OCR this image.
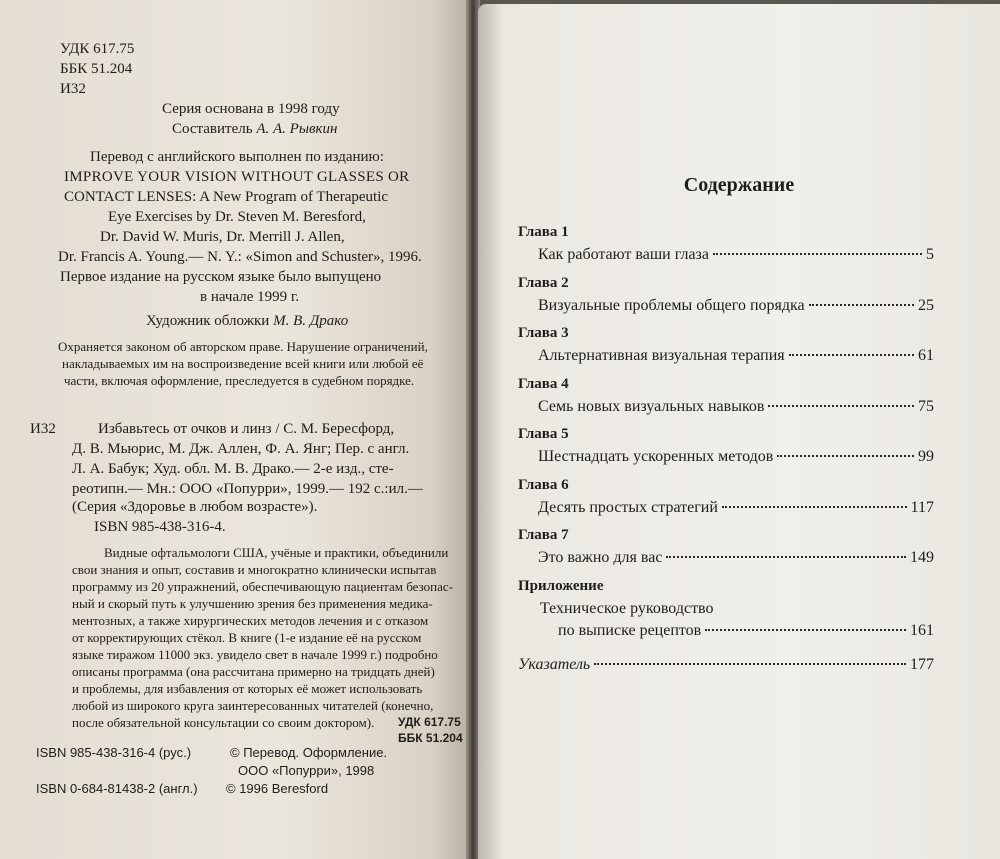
УДК 617.75
ББК 51.204
И32
Серия основана в 1998 году
Составитель А. А. Рывкин
Перевод с английского выполнен по изданию:
IMPROVE YOUR VISION WITHOUT GLASSES OR
CONTACT LENSES: A New Program of Therapeutic
Eye Exercises by Dr. Steven M. Beresford,
Dr. David W. Muris, Dr. Merrill J. Allen,
Dr. Francis A. Young.— N. Y.: «Simon and Schuster», 1996.
Первое издание на русском языке было выпущено
в начале 1999 г.
Художник обложки М. В. Драко
Охраняется законом об авторском праве. Нарушение ограничений,
накладываемых им на воспроизведение всей книги или любой её
части, включая оформление, преследуется в судебном порядке.
И32	Избавьтесь от очков и линз / С. М. Бересфорд,
Д. В. Мьюрис, М. Дж. Аллен, Ф. А. Янг; Пер. с англ.
Л. А. Бабук; Худ. обл. М. В. Драко.— 2-е изд., сте-
реотипн.— Мн.: ООО «Попурри», 1999.— 192 с.:ил.—
(Серия «Здоровье в любом возрасте»).
ISBN 985-438-316-4.
Видные офтальмологи США, учёные и практики, объединили
свои знания и опыт, составив и многократно клинически испытав
программу из 20 упражнений, обеспечивающую пациентам безопас-
ный и скорый путь к улучшению зрения без применения медика-
ментозных, а также хирургических методов лечения и с отказом
от корректирующих стёкол. В книге (1-е издание её на русском
языке тиражом 11000 экз. увидело свет в начале 1999 г.) подробно
описаны программа (она рассчитана примерно на тридцать дней)
и проблемы, для избавления от которых её может использовать
любой из широкого круга заинтересованных читателей (конечно,
после обязательной консультации со своим доктором). УДК 617.75
ББК 51.204
ISBN 985-438-316-4 (рус.)	© Перевод. Оформление.
ООО «Попурри», 1998
ISBN 0-684-81438-2 (англ.) © 1996 Beresford
Содержание
Глава 1
Как работают ваши глаза	5
Глава 2
Визуальные проблемы общего порядка	25
Глава 3
Альтернативная визуальная терапия	61
Глава 4
Семь новых визуальных навыков	75
Глава 5
Шестнадцать ускоренных методов	99
Глава 6
Десять простых стратегий	117
Глава 7
Это важно для вас	149
Приложение
Техническое руководство
по выписке рецептов	161
Указатель	177
www.ay.by
